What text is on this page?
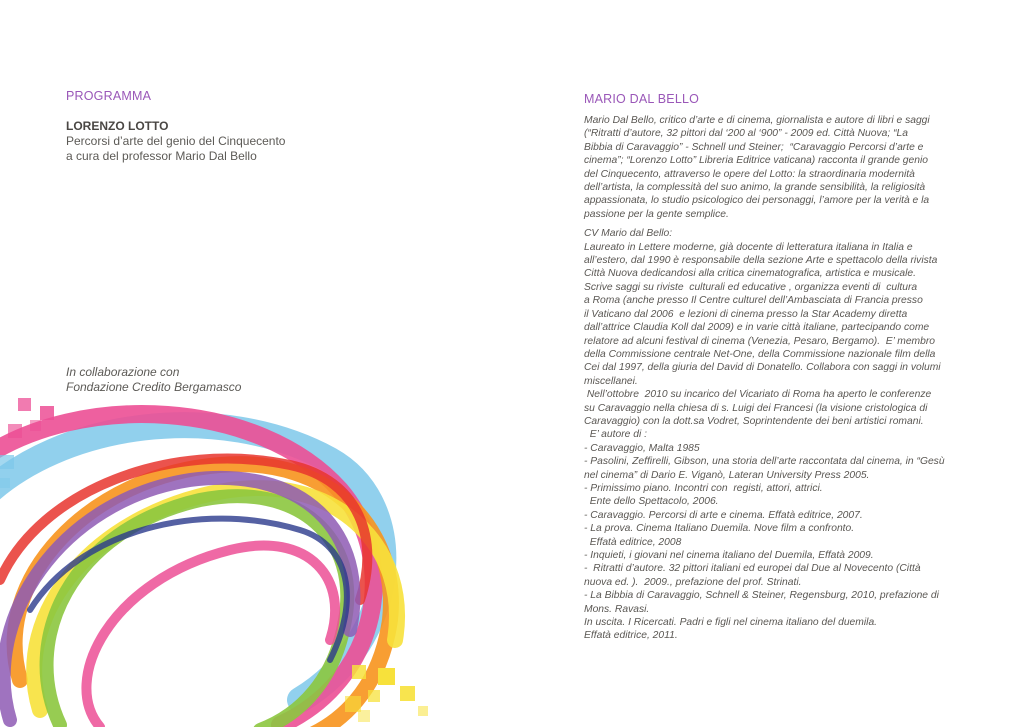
PROGRAMMA
LORENZO LOTTO
Percorsi d’arte del genio del Cinquecento
a cura del professor Mario Dal Bello
In collaborazione con
Fondazione Credito Bergamasco
MARIO DAL BELLO

Mario Dal Bello, critico d’arte e di cinema, giornalista e autore di libri e saggi

(“Ritratti d’autore, 32 pittori dal ‘200 al ‘900” - 2009 ed. Città Nuova; “La

Bibbia di Caravaggio” - Schnell und Steiner;  “Caravaggio Percorsi d’arte e

cinema”; “Lorenzo Lotto” Libreria Editrice vaticana) racconta il grande genio

del Cinquecento, attraverso le opere del Lotto: la straordinaria modernità

dell’artista, la complessità del suo animo, la grande sensibilità, la religiosità

appassionata, lo studio psicologico dei personaggi, l’amore per la verità e la

passione per la gente semplice.

CV Mario dal Bello:

Laureato in Lettere moderne, già docente di letteratura italiana in Italia e

all’estero, dal 1990 è responsabile della sezione Arte e spettacolo della rivista

Città Nuova dedicandosi alla critica cinematografica, artistica e musicale.

Scrive saggi su riviste  culturali ed educative , organizza eventi di  cultura

a Roma (anche presso Il Centre culturel dell’Ambasciata di Francia presso

il Vaticano dal 2006  e lezioni di cinema presso la Star Academy diretta

dall’attrice Claudia Koll dal 2009) e in varie città italiane, partecipando come

relatore ad alcuni festival di cinema (Venezia, Pesaro, Bergamo).  E’ membro

della Commissione centrale Net-One, della Commissione nazionale film della

Cei dal 1997, della giuria del David di Donatello. Collabora con saggi in volumi

miscellanei.

Nell’ottobre  2010 su incarico del Vicariato di Roma ha aperto le conferenze

su Caravaggio nella chiesa di s. Luigi dei Francesi (la visione cristologica di

Caravaggio) con la dott.sa Vodret, Soprintendente dei beni artistici romani.

E’ autore di :

- Caravaggio, Malta 1985

- Pasolini, Zeffirelli, Gibson, una storia dell’arte raccontata dal cinema, in “Gesù

nel cinema” di Dario E. Viganò, Lateran University Press 2005.

- Primissimo piano. Incontri con  registi, attori, attrici.

Ente dello Spettacolo, 2006.

- Caravaggio. Percorsi di arte e cinema. Effatà editrice, 2007.

- La prova. Cinema Italiano Duemila. Nove film a confronto.

Effatà editrice, 2008

- Inquieti, i giovani nel cinema italiano del Duemila, Effatà 2009.

-  Ritratti d’autore. 32 pittori italiani ed europei dal Due al Novecento (Città

nuova ed. ).  2009., prefazione del prof. Strinati.

- La Bibbia di Caravaggio, Schnell & Steiner, Regensburg, 2010, prefazione di

Mons. Ravasi.

In uscita. I Ricercati. Padri e figli nel cinema italiano del duemila.

Effatà editrice, 2011.
